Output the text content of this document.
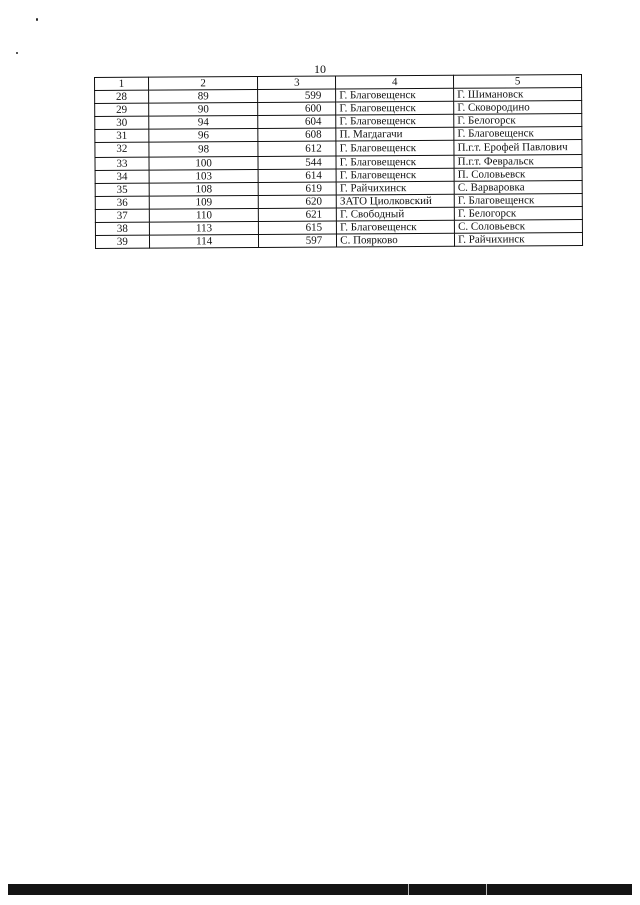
10
1	2	3	4	5
28	89	599	Г. Благовещенск	Г. Шимановск
29	90	600	Г. Благовещенск	Г. Сковородино
30	94	604	Г. Благовещенск	Г. Белогорск
31	96	608	П. Магдагачи	Г. Благовещенск
32	98	612	Г. Благовещенск	П.г.т. Ерофей Павлович
33	100	544	Г. Благовещенск	П.г.т. Февральск
34	103	614	Г. Благовещенск	П. Соловьевск
35	108	619	Г. Райчихинск	С. Варваровка
36	109	620	ЗАТО Циолковский	Г. Благовещенск
37	110	621	Г. Свободный	Г. Белогорск
38	113	615	Г. Благовещенск	С. Соловьевск
39	114	597	С. Поярково	Г. Райчихинск
